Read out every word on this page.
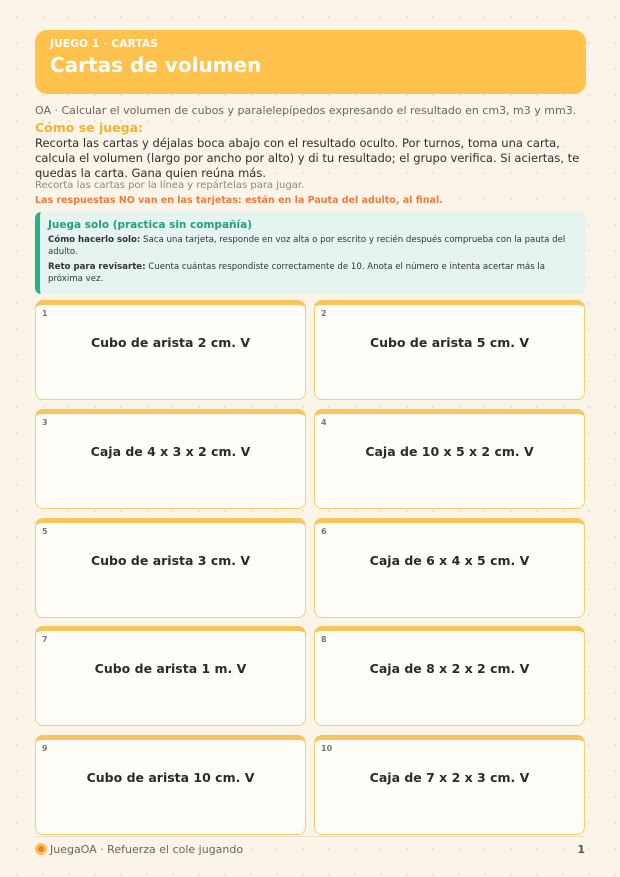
JUEGO 1 · CARTAS
Cartas de volumen
OA · Calcular el volumen de cubos y paralelepípedos expresando el resultado en cm3, m3 y mm3.
Cómo se juega:
Recorta las cartas y déjalas boca abajo con el resultado oculto. Por turnos, toma una carta, calcula el volumen (largo por ancho por alto) y di tu resultado; el grupo verifica. Si aciertas, te quedas la carta. Gana quien reúna más.
Recorta las cartas por la línea y repártelas para jugar.
Las respuestas NO van en las tarjetas: están en la Pauta del adulto, al final.
Juega solo (practica sin compañía)

Cómo hacerlo solo: Saca una tarjeta, responde en voz alta o por escrito y recién después comprueba con la pauta del adulto.

Reto para revisarte: Cuenta cuántas respondiste correctamente de 10. Anota el número e intenta acertar más la próxima vez.

1
Cubo de arista 2 cm. V
2
Cubo de arista 5 cm. V
3
Caja de 4 x 3 x 2 cm. V
4
Caja de 10 x 5 x 2 cm. V
5
Cubo de arista 3 cm. V
6
Caja de 6 x 4 x 5 cm. V
7
Cubo de arista 1 m. V
8
Caja de 8 x 2 x 2 cm. V
9
Cubo de arista 10 cm. V
10
Caja de 7 x 2 x 3 cm. V
JuegaOA · Refuerza el cole jugando	1
